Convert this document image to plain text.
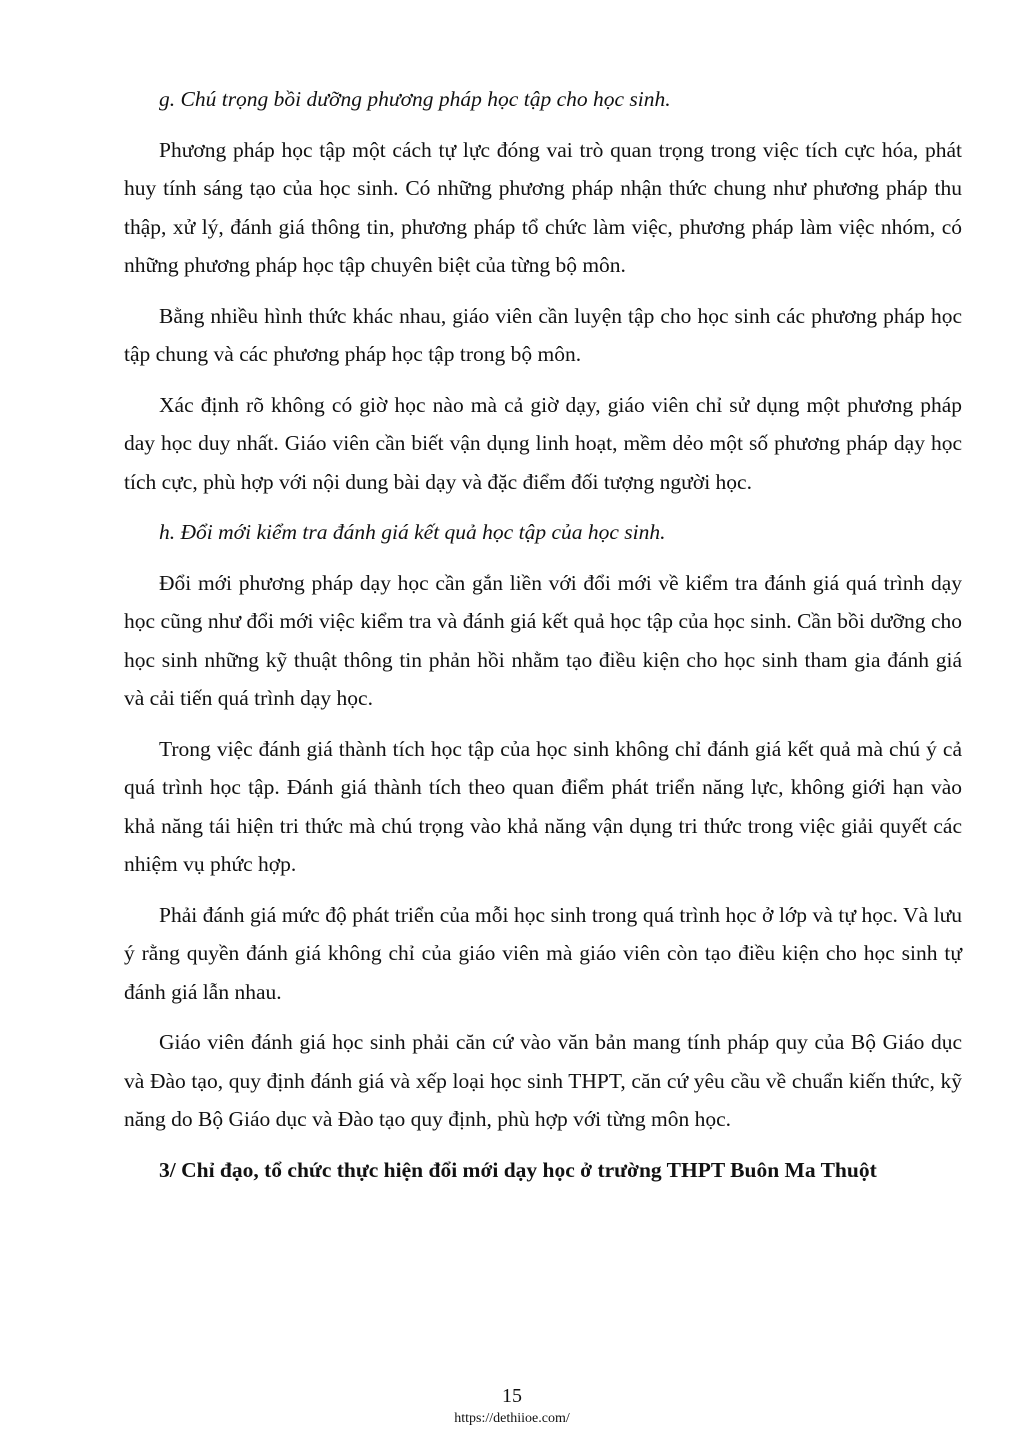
g. Chú trọng bồi dưỡng phương pháp học tập cho học sinh.

Phương pháp học tập một cách tự lực đóng vai trò quan trọng trong việc tích cực hóa, phát huy tính sáng tạo của học sinh. Có những phương pháp nhận thức chung như phương pháp thu thập, xử lý, đánh giá thông tin, phương pháp tổ chức làm việc, phương pháp làm việc nhóm, có những phương pháp học tập chuyên biệt của từng bộ môn.

Bằng nhiều hình thức khác nhau, giáo viên cần luyện tập cho học sinh các phương pháp học tập chung và các phương pháp học tập trong bộ môn.

Xác định rõ không có giờ học nào mà cả giờ dạy, giáo viên chỉ sử dụng một phương pháp day học duy nhất. Giáo viên cần biết vận dụng linh hoạt, mềm dẻo một số phương pháp dạy học tích cực, phù hợp với nội dung bài dạy và đặc điểm đối tượng người học.

h. Đổi mới kiểm tra đánh giá kết quả học tập của học sinh.

Đổi mới phương pháp dạy học cần gắn liền với đổi mới về kiểm tra đánh giá quá trình dạy học cũng như đổi mới việc kiểm tra và đánh giá kết quả học tập của học sinh. Cần bồi dưỡng cho học sinh những kỹ thuật thông tin phản hồi nhằm tạo điều kiện cho học sinh tham gia đánh giá và cải tiến quá trình dạy học.

Trong việc đánh giá thành tích học tập của học sinh không chỉ đánh giá kết quả mà chú ý cả quá trình học tập. Đánh giá thành tích theo quan điểm phát triển năng lực, không giới hạn vào khả năng tái hiện tri thức mà chú trọng vào khả năng vận dụng tri thức trong việc giải quyết các nhiệm vụ phức hợp.

Phải đánh giá mức độ phát triển của mỗi học sinh trong quá trình học ở lớp và tự học. Và lưu ý rằng quyền đánh giá không chỉ của giáo viên mà giáo viên còn tạo điều kiện cho học sinh tự đánh giá lẫn nhau.

Giáo viên đánh giá học sinh phải căn cứ vào văn bản mang tính pháp quy của Bộ Giáo dục và Đào tạo, quy định đánh giá và xếp loại học sinh THPT, căn cứ yêu cầu về chuẩn kiến thức, kỹ năng do Bộ Giáo dục và Đào tạo quy định, phù hợp với từng môn học.

3/ Chỉ đạo, tổ chức thực hiện đổi mới dạy học ở trường THPT Buôn Ma Thuột

15
https://dethiioe.com/
